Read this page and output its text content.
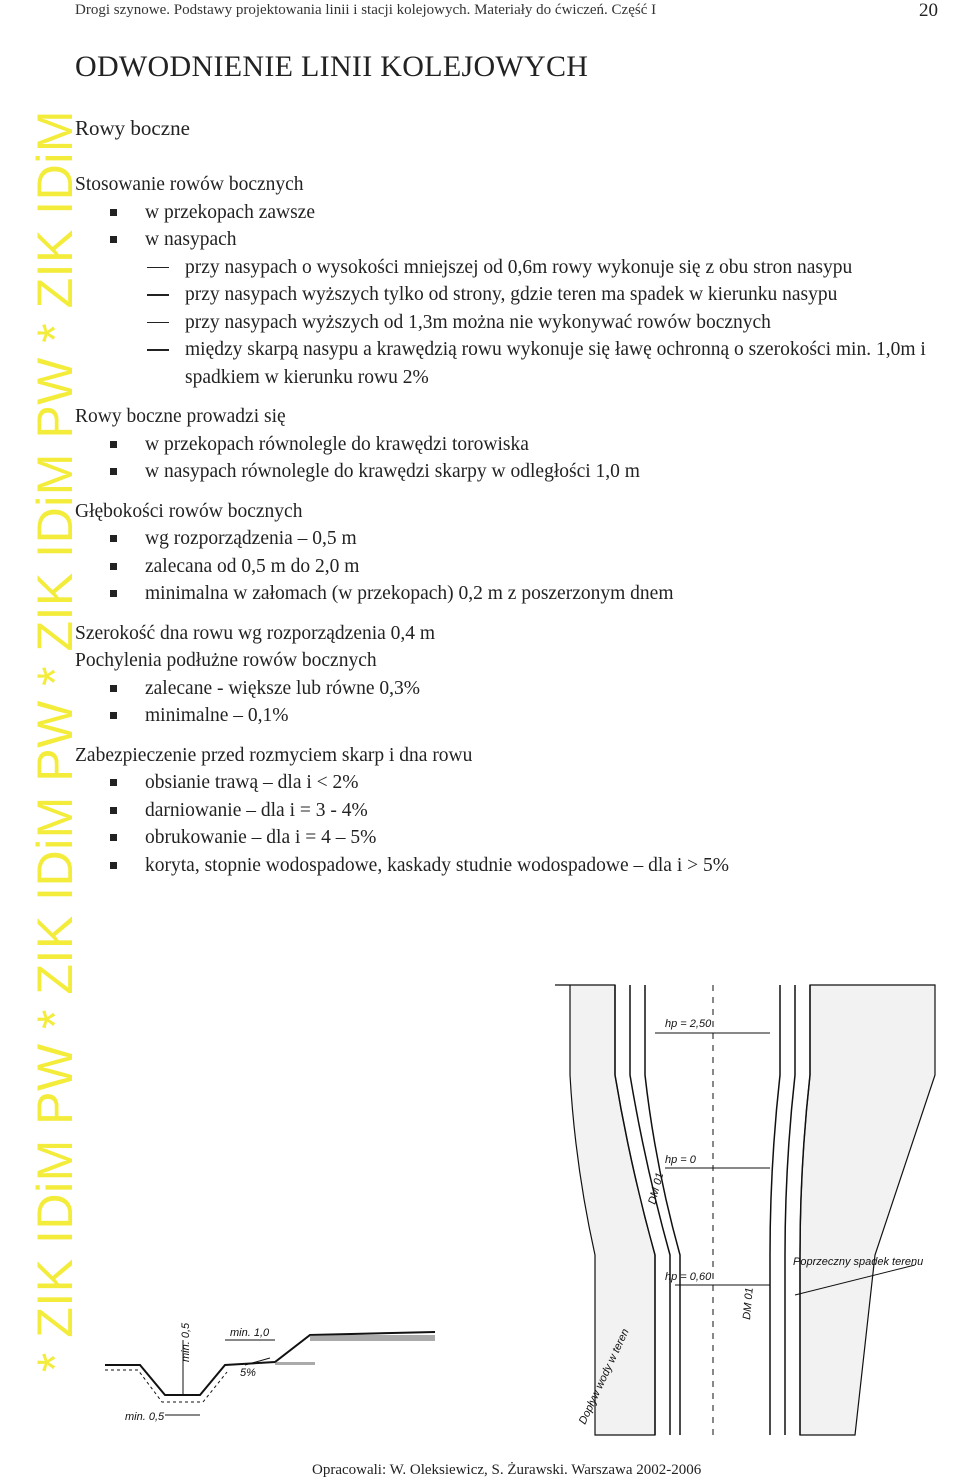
* ZIK IDiM PW * ZIK IDiM PW * ZIK IDiM PW * ZIK IDiM
Drogi szynowe. Podstawy projektowania linii i stacji kolejowych. Materiały do ćwiczeń. Część I	20
ODWODNIENIE LINII KOLEJOWYCH
Rowy boczne

Stosowanie rowów bocznych

w przekopach zawsze
w nasypach
przy nasypach o wysokości mniejszej od 0,6m rowy wykonuje się z obu stron nasypu
przy nasypach wyższych tylko od strony, gdzie teren ma spadek w kierunku nasypu
przy nasypach wyższych od 1,3m można nie wykonywać rowów bocznych
między skarpą nasypu a krawędzią rowu wykonuje się ławę ochronną o szerokości min. 1,0m i spadkiem w kierunku rowu 2%

Rowy boczne prowadzi się

w przekopach równolegle do krawędzi torowiska
w nasypach równolegle do krawędzi skarpy w odległości 1,0 m

Głębokości rowów bocznych

wg rozporządzenia – 0,5 m
zalecana od 0,5 m do 2,0 m
minimalna w załomach (w przekopach) 0,2 m z poszerzonym dnem

Szerokość dna rowu wg rozporządzenia 0,4 m

Pochylenia podłużne rowów bocznych

zalecane - większe lub równe 0,3%
minimalne – 0,1%

Zabezpieczenie przed rozmyciem skarp i dna rowu

obsianie trawą – dla i < 2%
darniowanie – dla i = 3 - 4%
obrukowanie – dla i = 4 – 5%
koryta, stopnie wodospadowe, kaskady studnie wodospadowe – dla i > 5%
min. 0,5	min. 1,0
5%
min. 0,5
hp = 2,50
hp = 0
hp = 0,60
Poprzeczny spadek terenu
Dopływ wody w teren
DM 01
DM 01
Opracowali: W. Oleksiewicz, S. Żurawski. Warszawa 2002-2006
